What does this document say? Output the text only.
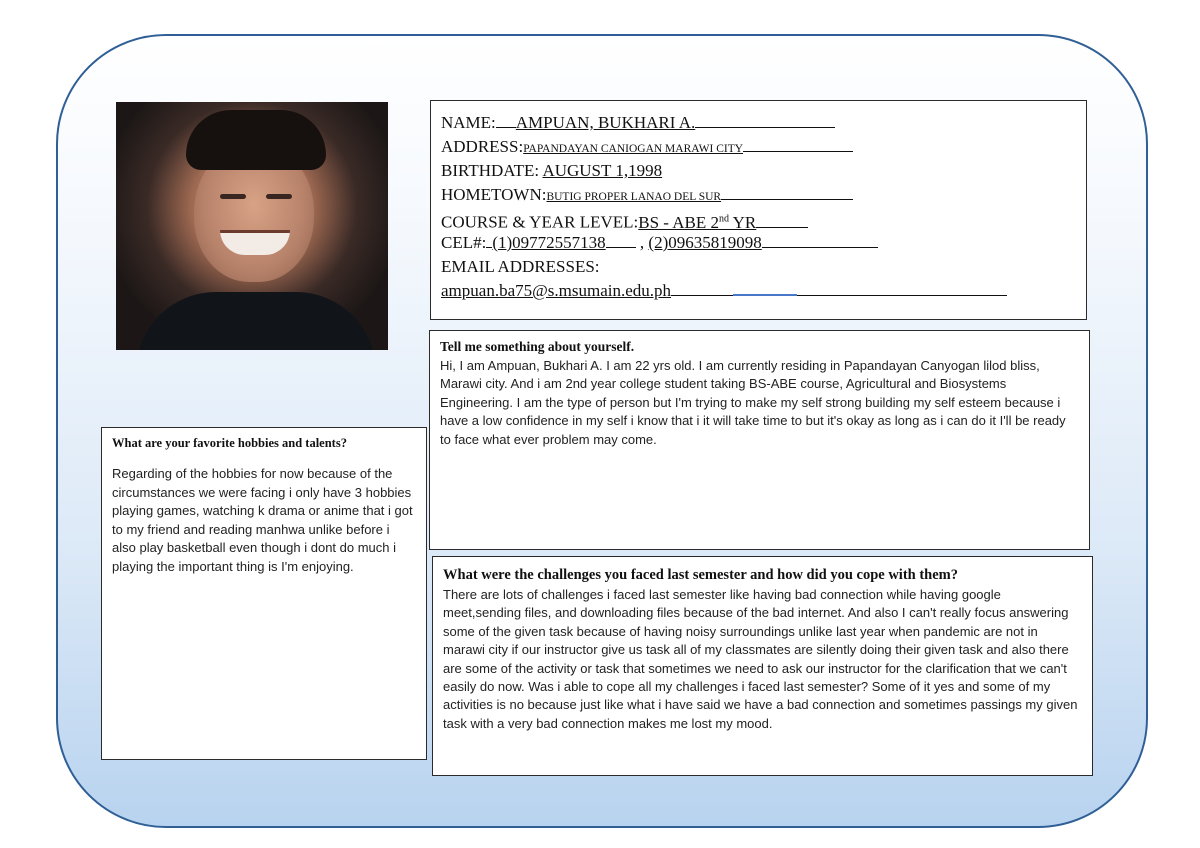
NAME: AMPUAN, BUKHARI A.
ADDRESS:PAPANDAYAN CANIOGAN MARAWI CITY
BIRTHDATE: AUGUST 1,1998
HOMETOWN:BUTIG PROPER LANAO DEL SUR
COURSE & YEAR LEVEL:BS - ABE 2nd YR
CEL#: (1)09772557138 , (2)09635819098
EMAIL ADDRESSES:
ampuan.ba75@s.msumain.edu.ph
Tell me something about yourself.
Hi, I am Ampuan, Bukhari A. I am 22 yrs old. I am currently residing in Papandayan Canyogan lilod bliss, Marawi city. And i am 2nd year college student taking BS-ABE course, Agricultural and Biosystems Engineering. I am the type of person but I'm trying to make my self strong building my self esteem because i have a low confidence in my self i know that i it will take time to but it's okay as long as i can do it I'll be ready to face what ever problem may come.
What are your favorite hobbies and talents?
Regarding of the hobbies for now because of the circumstances we were facing i only have 3 hobbies playing games, watching k drama or anime that i got to my friend and reading manhwa unlike before i also play basketball even though i dont do much i playing the important thing is I'm enjoying.
What were the challenges you faced last semester and how did you cope with them?
There are lots of challenges i faced last semester like having bad connection while having google meet,sending files, and downloading files because of the bad internet. And also I can't really focus answering some of the given task because of having noisy surroundings unlike last year when pandemic are not in marawi city if our instructor give us task all of my classmates are silently doing their given task and also there are some of the activity or task that sometimes we need to ask our instructor for the clarification that we can't easily do now. Was i able to cope all my challenges i faced last semester? Some of it yes and some of my activities is no because just like what i have said we have a bad connection and sometimes passings my given task with a very bad connection makes me lost my mood.
